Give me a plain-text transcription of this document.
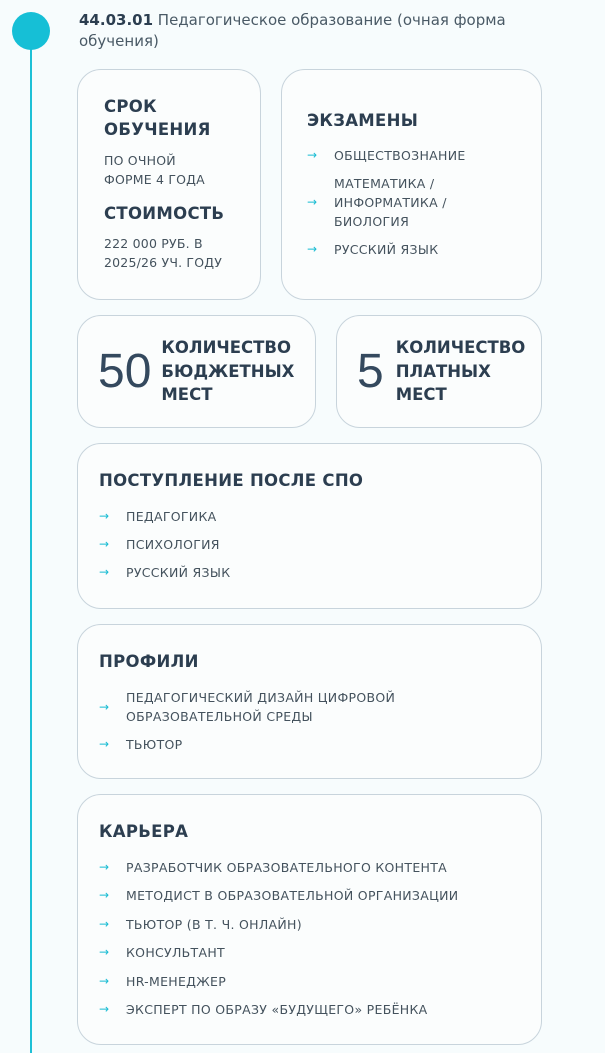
44.03.01 Педагогическое образование (очная форма обучения)
СРОК
ОБУЧЕНИЯ
ПО ОЧНОЙ
ФОРМЕ 4 ГОДА
СТОИМОСТЬ
222 000 РУБ. В
2025/26 УЧ. ГОДУ
ЭКЗАМЕНЫ
→	ОБЩЕСТВОЗНАНИЕ
→
МАТЕМАТИКА /
ИНФОРМАТИКА /
БИОЛОГИЯ
→	РУССКИЙ ЯЗЫК
50 КОЛИЧЕСТВО
БЮДЖЕТНЫХ
МЕСТ	5 КОЛИЧЕСТВО
ПЛАТНЫХ
МЕСТ
ПОСТУПЛЕНИЕ ПОСЛЕ СПО
→	ПЕДАГОГИКА
→	ПСИХОЛОГИЯ
→	РУССКИЙ ЯЗЫК
ПРОФИЛИ
→
ПЕДАГОГИЧЕСКИЙ ДИЗАЙН ЦИФРОВОЙ
ОБРАЗОВАТЕЛЬНОЙ СРЕДЫ
→	ТЬЮТОР
КАРЬЕРА
→	РАЗРАБОТЧИК ОБРАЗОВАТЕЛЬНОГО КОНТЕНТА
→	МЕТОДИСТ В ОБРАЗОВАТЕЛЬНОЙ ОРГАНИЗАЦИИ
→	ТЬЮТОР (В Т. Ч. ОНЛАЙН)
→	КОНСУЛЬТАНТ
→	HR-МЕНЕДЖЕР
→	ЭКСПЕРТ ПО ОБРАЗУ «БУДУЩЕГО» РЕБЁНКА
